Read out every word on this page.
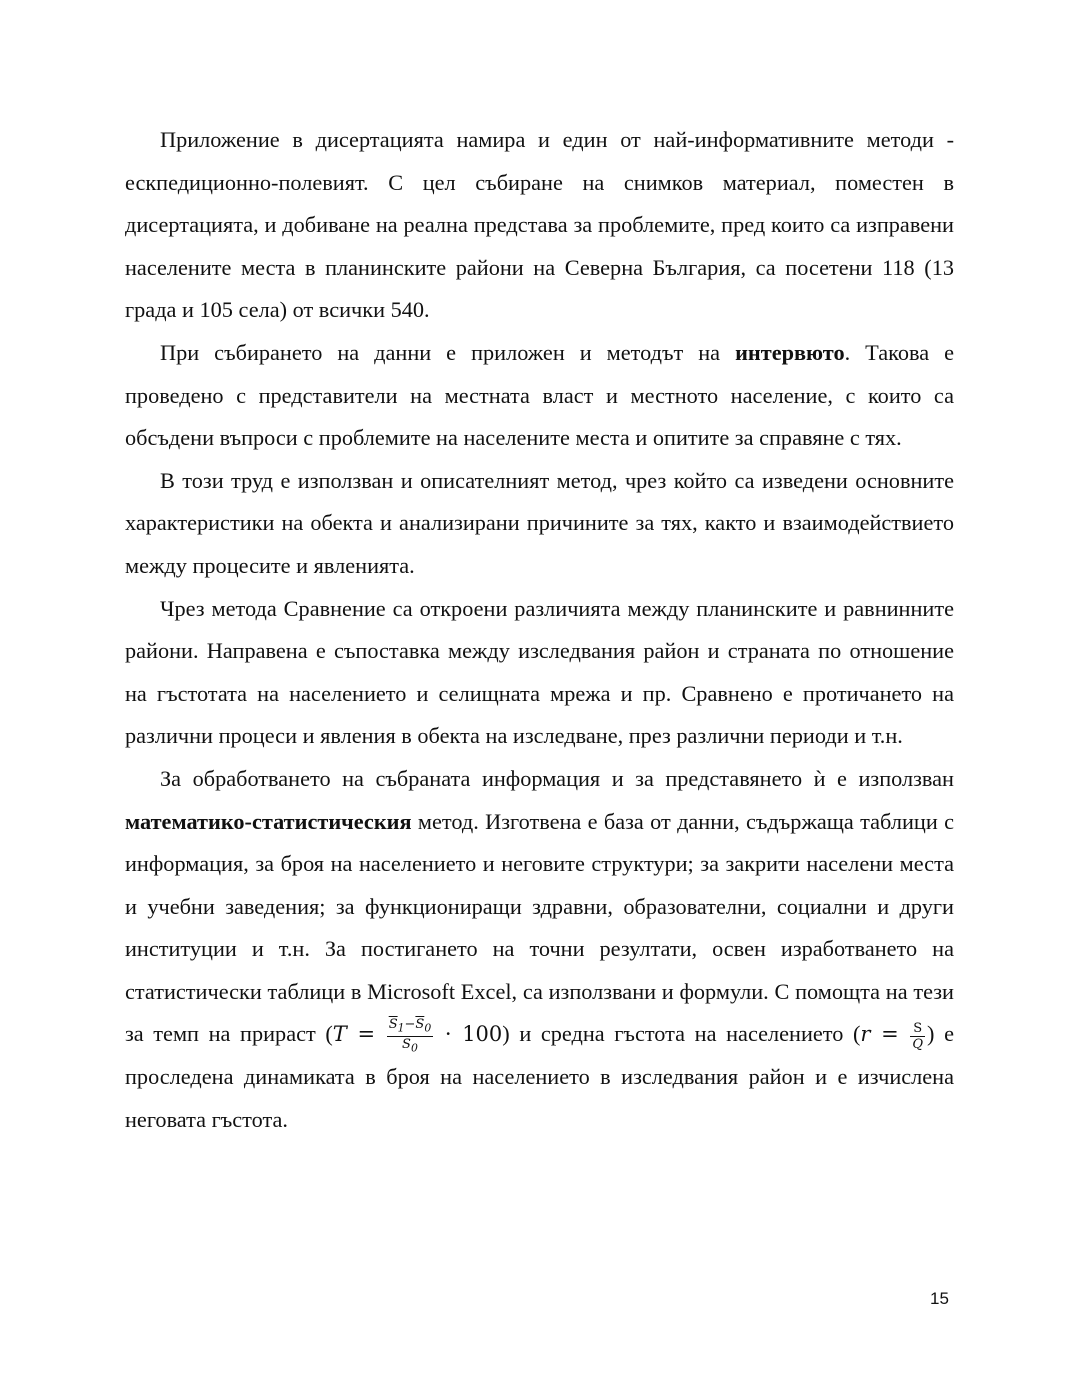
Приложение в дисертацията намира и един от най-информативните методи - ескпедиционно-полевият. С цел събиране на снимков материал, поместен в дисертацията, и добиване на реална представа за проблемите, пред които са изправени населените места в планинските райони на Северна България, са посетени 118 (13 града и 105 села) от всички 540.

При събирането на данни е приложен и методът на интервюто. Такова е проведено с представители на местната власт и местното население, с които са обсъдени въпроси с проблемите на населените места и опитите за справяне с тях.

В този труд е използван и описателният метод, чрез който са изведени основните характеристики на обекта и анализирани причините за тях, както и взаимодействието между процесите и явленията.

Чрез метода Сравнение са откроени различията между планинските и равнинните райони. Направена е съпоставка между изследвания район и страната по отношение на гъстотата на населението и селищната мрежа и пр. Сравнено е протичането на различни процеси и явления в обекта на изследване, през различни периоди и т.н.

За обработването на събраната информация и за представянето ѝ е използван математико-статистическия метод. Изготвена е база от данни, съдържаща таблици с информация, за броя на населението и неговите структури; за закрити населени места и учебни заведения; за функциониращи здравни, образователни, социални и други институции и т.н. За постигането на точни резултати, освен изработването на статистически таблици в Microsoft Excel, са използвани и формули. С помощта на тези за темп на прираст $(T = \frac{\overline{S}_1-\overline{S}_0}{\overline{S}_0} \cdot 100)$ и средна гъстота на населението ($r = \frac{S}{Q}$ ) е проследена динамиката в броя на населението в изследвания район и е изчислена неговата гъстота.

15
